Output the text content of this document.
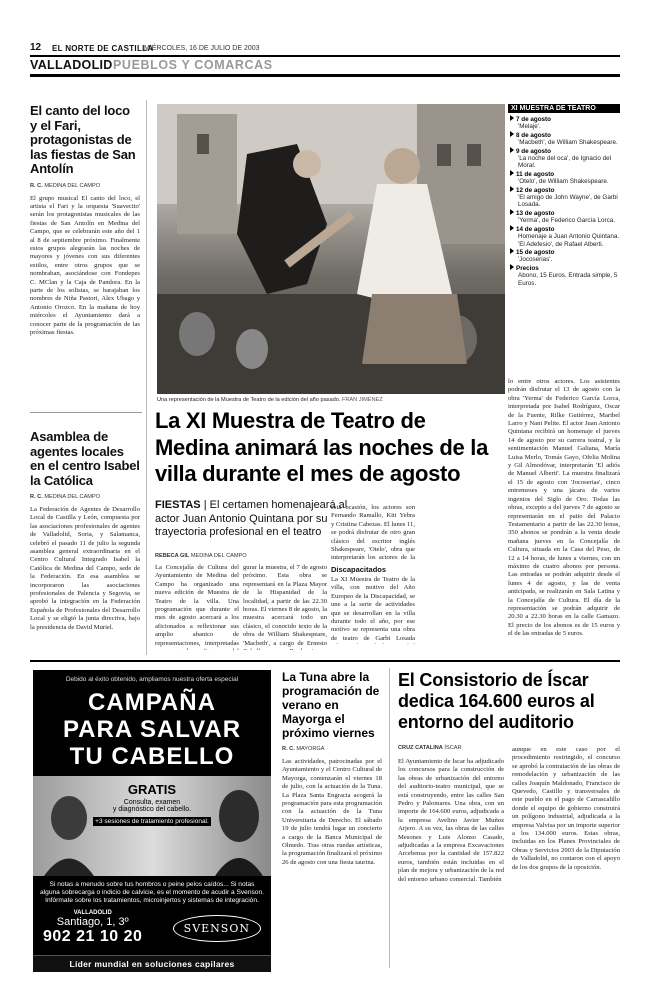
12 EL NORTE DE CASTILLA
MIÉRCOLES, 16 DE JULIO DE 2003
VALLADOLID PUEBLOS Y COMARCAS
El canto del loco y el Fari, protagonistas de las fiestas de San Antolín
R. C. MEDINA DEL CAMPO

El grupo musical El canto del loco, el artista el Fari y la orquesta 'Suavecito' serán los protagonistas musicales de las fiestas de San Antolín en Medina del Campo, que se celebrarán este año del 1 al 8 de septiembre próximo. Finalmente estos grupos alegrarán las noches de mayores y jóvenes con sus diferentes estilos, entre otros grupos que se nombraban, asociándose con Fondepes C. MClan y la Caja de Pandora. En la parte de los solistas, se barajaban los nombres de Niña Pastori, Alex Ubago y Antonio Orozco. En la mañana de hoy miércoles el Ayuntamiento dará a conocer parte de la programación de las próximas fiestas.

Asamblea de agentes locales en el centro Isabel la Católica
R. C. MEDINA DEL CAMPO

La Federación de Agentes de Desarrollo Local de Castilla y León, compuesta por las asociaciones profesionales de agentes de Valladolid, Soria, y Salamanca, celebró el pasado 11 de julio la segunda asamblea general extraordinaria en el Centro Cultural Integrado Isabel la Católica de Medina del Campo, sede de la Federación. En esa asamblea se incorporaron las asociaciones profesionales de Palencia y Segovia, se aprobó la integración en la Federación Española de Profesionales del Desarrollo Local y se eligió la junta directiva, bajo la presidencia de David Muriel.

Una representación de la Muestra de Teatro de la edición del año pasado. FRAN JIMÉNEZ
XI MUESTRA DE TEATRO
7 de agosto
'Melaje'.
8 de agosto
'Macbeth', de William Shakespeare.
9 de agosto
'La noche del oca', de Ignacio del Moral.
11 de agosto
'Otelo', de William Shakespeare.
12 de agosto
'El amigo de John Wayne', de Garbi Losada.
13 de agosto
'Yerma', de Federico García Lorca.
14 de agosto
Homenaje a Juan Antonio Quintana. 'El Adefesio', de Rafael Alberti.
15 de agosto
'Jocoserias'.
Precios
Abono, 15 Euros. Entrada simple, 5 Euros.
La XI Muestra de Teatro de Medina animará las noches de la villa durante el mes de agosto
FIESTAS | El certamen homenajeará al actor Juan Antonio Quintana por su trayectoria profesional en el teatro
REBECA GIL MEDINA DEL CAMPO

La Concejalía de Cultura del Ayuntamiento de Medina del Campo ha organizado una nueva edición de Muestra de Teatro de la villa. Una programación que durante el mes de agosto acercará a los aficionados a reflexionar sus amplio abanico de representaciones, interpretadas

gurar la muestra, el 7 de agosto próximo. Esta obra se representará en la Plaza Mayor de la Hispanidad de la localidad, a partir de las 22.30 horas. El viernes 8 de agosto, la muestra acercará todo un clásico, el conocido texto de la obra de William Shakespeare, 'Macbeth', a cargo de Ernesto

esta ocasión, los actores son Fernando Ramallo, Kiti Yebra y Cristina Cabezas. El lunes 11, se podrá disfrutar de otro gran clásico del escritor inglés Shakespeare, 'Otelo', obra que interpretarán los actores de la

Discapacitados

La XI Muestra de Teatro de la villa, con motivo del Año Europeo de la Discapacidad, se une a la serie de actividades que se desarrollan en la villa durante todo el año, por ese motivo se representa una obra de teatro de Garbi Losada

lo entre otros actores. Los asistentes podrán disfrutar el 13 de agosto con la obra 'Yerma' de Federico García Lorca, interpretada por Isabel Rodríguez, Oscar de la Fuente, Rilke Gutiérrez, Maribel Larro y Nani Pelite. El actor Juan Antonio Quintana recibirá un homenaje el jueves 14 de agosto por su carrera teatral, y la sentimentación Manuel Galiana, María Luisa Merlo, Tomás Gayo, Ofelia Molina y Gil Almodóvar, interpretarán 'El adiós de Manuel Alberti'. La muestra finalizará el 15 de agosto con 'Jocoserias', cinco entremeses y una jácara de varios ingenios del Siglo de Oro. Todas las obras, excepto a del jueves 7 de agosto se representarán en el patio del Palacio Testamentario a partir de las 22.30 horas, 350 abonos se pondrán a la venta desde mañana jueves en la Concejalía de Cultura, situada en la Casa del Peso, de 12 a 14 horas, de lunes a viernes, con un máximo de cuatro abonos por persona. Las entradas se podrán adquirir desde el lunes 4 de agosto, y las de venta anticipada, se realizarán en Sala Latina y la Concejalía de Cultura. El día de la representación se podrán adquirir de 20.30 a 22.30 horas en la calle Gamazo. El precio de los abonos es de 15 euros y el de las entradas de 5 euros.

Debido al éxito obtenido, ampliamos nuestra oferta especial
CAMPAÑA
PARA SALVAR
TU CABELLO
GRATIS
Consulta, examen
y diagnóstico del cabello.
+3 sesiones de tratamiento profesional.
Si notas a menudo sobre tus hombros o peine pelos caídos... Si notas alguna sobrecarga o indicio de calvicie, es el momento de acudir a Svenson. Infórmate sobre los tratamientos, microinjertos y sistemas de integración.
VALLADOLID
Santiago, 1, 3º
902 21 10 20	SVENSON
Líder mundial en soluciones capilares
La Tuna abre la programación de verano en Mayorga el próximo viernes
R. C. MAYORGA

Las actividades, patrocinadas por el Ayuntamiento y el Centro Cultural de Mayorga, comenzarán el viernes 18 de julio, con la actuación de la Tuna. La Plaza Santa Engracia acogerá la programación para esta programación con la actuación de la Tuna Universitaria de Derecho. El sábado 19 de julio tendrá lugar un concierto a cargo de la Banca Municipal de Olmedo. Tras otras ruedas artísticas, la programación finalizará el próximo 26 de agosto con una fiesta taurina.

El Consistorio de Íscar dedica 164.600 euros al entorno del auditorio
CRUZ CATALINA ÍSCAR

El Ayuntamiento de Íscar ha adjudicado los concursos para la construcción de las obras de urbanización del entorno del auditorio-teatro municipal, que se está construyendo, entre las calles San Pedro y Palomares. Una obra, con un importe de 164.600 euros, adjudicada a la empresa Avelino Javier Muñoz Arjero. A su vez, las obras de las calles Mesones y Luis Alonso Casado, adjudicadas a la empresa Excavaciones Arcebensa por la cantidad de 157.822 euros, también están incluidas en el plan de mejora y urbanización de la red del entorno urbano comercial. También

aunque en este caso por el procedimiento restringido, el concurso se aprobó la contratación de las obras de remodelación y urbanización de las calles Joaquín Maldonado, Francisco de Quevedo, Castillo y transversales de este pueblo en el pago de Carrascalillo donde el equipo de gobierno construirá un polígono industrial, adjudicada a la empresa Valvisa por un importe superior a los 134.000 euros. Estas obras, incluidas en los Planes Provinciales de Obras y Servicios 2003 de la Diputación de Valladolid, no contaron con el apoyo de los dos grupos de la oposición.
